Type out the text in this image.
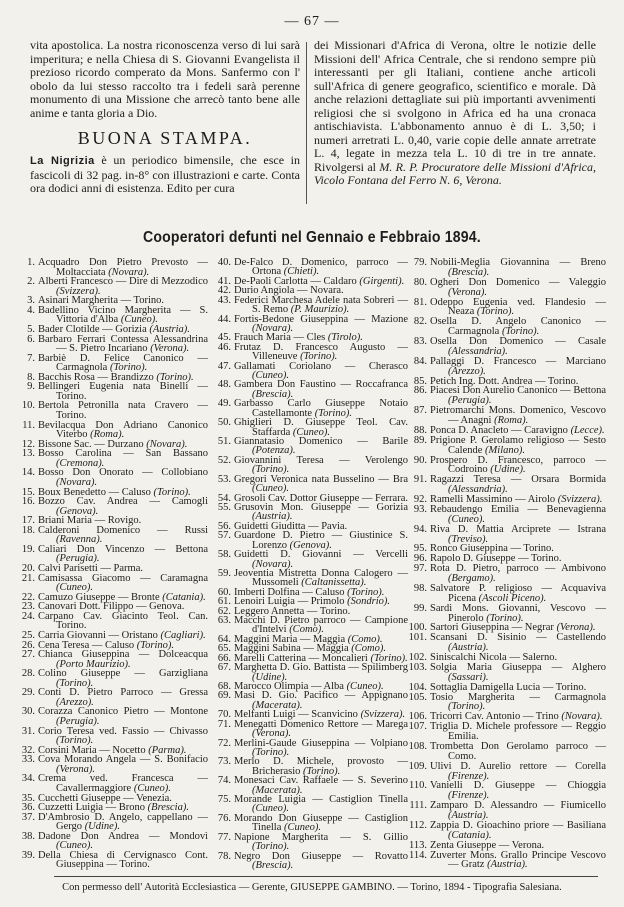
— 67 —

vita apostolica. La nostra riconoscenza verso di lui sarà imperitura; e nella Chiesa di S. Giovanni Evangelista il prezioso ricordo comperato da Mons. Sanfermo con l' obolo da lui stesso raccolto tra i fedeli sarà perenne monumento di una Missione che arrecò tanto bene alle anime e tanta gloria a Dio.

BUONA STAMPA.

La Nigrizia è un periodico bimensile, che esce in fascicoli di 32 pag. in-8° con illustrazioni e carte. Conta ora dodici anni di esistenza. Edito per cura

dei Missionari d'Africa di Verona, oltre le notizie delle Missioni dell' Africa Centrale, che si rendono sempre più interessanti per gli Italiani, contiene anche articoli sull'Africa di genere geografico, scientifico e morale. Dà anche relazioni dettagliate sui più importanti avvenimenti religiosi che si svolgono in Africa ed ha una cronaca antischiavista. L'abbonamento annuo è di L. 3,50; i numeri arretrati L. 0,40, varie copie delle annate arretrate L. 4, legate in mezza tela L. 10 di tre in tre annate. Rivolgersi al M. R. P. Procuratore delle Missioni d'Africa, Vicolo Fontana del Ferro N. 6, Verona.

Cooperatori defunti nel Gennaio e Febbraio 1894.
1. Acquadro Don Pietro Prevosto — Moltacciata (Novara).
2. Alberti Francesco — Dire di Mezzodico (Svizzera).
3. Asinari Margherita — Torino.
4. Badellino Vicino Margherita — S. Vittoria d'Alba (Cuneo).
5. Bader Clotilde — Gorizia (Austria).
6. Barbaro Ferrari Contessa Alessandrina — S. Pietro Incariano (Verona).
7. Barbiè D. Felice Canonico — Carmagnola (Torino).
8. Bacchis Rosa — Brandizzo (Torino).
9. Bellingeri Eugenia nata Binelli — Torino.
10. Bertola Petronilla nata Cravero — Torino.
11. Bevilacqua Don Adriano Canonico Viterbo (Roma).
12. Bissone Sac. — Durzano (Novara).
13. Bosso Carolina — San Bassano (Cremona).
14. Bosso Don Onorato — Collobiano (Novara).
15. Boux Benedetto — Caluso (Torino).
16. Bozzo Cav. Andrea — Camogli (Genova).
17. Briani Maria — Rovigo.
18. Calderoni Domenico — Russi (Ravenna).
19. Caliari Don Vincenzo — Bettona (Perugia).
20. Calvi Parisetti — Parma.
21. Camisassa Giacomo — Caramagna (Cuneo).
22. Camuzo Giuseppe — Bronte (Catania).
23. Canovari Dott. Filippo — Genova.
24. Carpano Cav. Giacinto Teol. Can. Torino.
25. Carria Giovanni — Oristano (Cagliari).
26. Cena Teresa — Caluso (Torino).
27. Chianca Giuseppina — Dolceacqua (Porto Maurizio).
28. Colino Giuseppe — Garzigliana (Torino).
29. Conti D. Pietro Parroco — Gressa (Arezzo).
30. Corazza Canonico Pietro — Montone (Perugia).
31. Corio Teresa ved. Fassio — Chivasso (Torino).
32. Corsini Maria — Nocetto (Parma).
33. Cova Morando Angela — S. Bonifacio (Verona).
34. Crema ved. Francesca — Cavallermaggiore (Cuneo).
35. Cucchetti Giuseppe — Venezia.
36. Cuzzetti Luigia — Brono (Brescia).
37. D'Ambrosio D. Angelo, cappellano — Gergo (Udine).
38. Dadone Don Andrea — Mondovì (Cuneo).
39. Della Chiesa di Cervignasco Cont. Giuseppina — Torino.
40. De-Falco D. Domenico, parroco — Ortona (Chieti).
41. De-Paoli Carlotta — Caldaro (Girgenti).
42. Durio Angiola — Novara.
43. Federici Marchesa Adele nata Sobreri — S. Remo (P. Maurizio).
44. Fortis-Bedone Giuseppina — Mazione (Novara).
45. Frauch Maria — Cles (Tirolo).
46. Frutaz D. Francesco Augusto — Villeneuve (Torino).
47. Gallamati Coriolano — Cherasco (Cuneo).
48. Gambera Don Faustino — Roccafranca (Brescia).
49. Garbasso Carlo Giuseppe Notaio Castellamonte (Torino).
50. Ghiglieri D. Giuseppe Teol. Cav. Staffarda (Cuneo).
51. Giannatasio Domenico — Barile (Potenza).
52. Giovannini Teresa — Verolengo (Torino).
53. Gregori Veronica nata Busselino — Bra (Cuneo).
54. Grosoli Cav. Dottor Giuseppe — Ferrara.
55. Grusovin Mon. Giuseppe — Gorizia (Austria).
56. Guidetti Giuditta — Pavia.
57. Guardone D. Pietro — Giustinice S. Lorenzo (Genova).
58. Guidetti D. Giovanni — Vercelli (Novara).
59. Jeoventia Mistretta Donna Calogero — Mussomeli (Caltanissetta).
60. Imberti Dolfina — Caluso (Torino).
61. Lenoiri Luigia — Primolo (Sondrio).
62. Leggero Annetta — Torino.
63. Macchi D. Pietro parroco — Campione d'Intelvi (Como).
64. Maggini Maria — Maggia (Como).
65. Maggini Sabina — Maggia (Como).
66. Marelli Catterina — Moncalieri (Torino).
67. Marghetta D. Gio. Battista — Spilimberg (Udine).
68. Marocco Olimpia — Alba (Cuneo).
69. Masi D. Gio. Pacifico — Appignano (Macerata).
70. Melfanti Luigi — Scanvicino (Svizzera).
71. Menegatti Domenico Rettore — Marega (Verona).
72. Merlini-Gaude Giuseppina — Volpiano (Torino).
73. Merlo D. Michele, provosto — Bricherasio (Torino).
74. Monesaci Cav. Raffaele — S. Severino (Macerata).
75. Morande Luigia — Castiglion Tinella (Cuneo).
76. Morando Don Giuseppe — Castiglion Tinella (Cuneo).
77. Napione Margherita — S. Gillio (Torino).
78. Negro Don Giuseppe — Rovatto (Brescia).
79. Nobili-Meglia Giovannina — Breno (Brescia).
80. Ogheri Don Domenico — Valeggio (Verona).
81. Odeppo Eugenia ved. Flandesio — Neaza (Torino).
82. Osella D. Angelo Canonico — Carmagnola (Torino).
83. Osella Don Domenico — Casale (Alessandria).
84. Pallaggi D. Francesco — Marciano (Arezzo).
85. Petich Ing. Dott. Andrea — Torino.
86. Piacesi Don Aurelio Canonico — Bettona (Perugia).
87. Pietromarchi Mons. Domenico, Vescovo — Anagni (Roma).
88. Ponca D. Anacleto — Caravigno (Lecce).
89. Prigione P. Gerolamo religioso — Sesto Calende (Milano).
90. Prospero D. Francesco, parroco — Codroino (Udine).
91. Ragazzi Teresa — Orsara Bormida (Alessandria).
92. Ramelli Massimino — Airolo (Svizzera).
93. Rebaudengo Emilia — Benevagienna (Cuneo).
94. Riva D. Mattia Arciprete — Istrana (Treviso).
95. Ronco Giuseppina — Torino.
96. Rapolo D. Giuseppe — Torino.
97. Rota D. Pietro, parroco — Ambivono (Bergamo).
98. Salvatore P. religioso — Acquaviva Picena (Ascoli Piceno).
99. Sardi Mons. Giovanni, Vescovo — Pinerolo (Torino).
100. Sartori Giuseppina — Negrar (Verona).
101. Scansani D. Sisinio — Castellendo (Austria).
102. Siniscalchi Nicola — Salerno.
103. Solgia Maria Giuseppa — Alghero (Sassari).
104. Sottaglia Damigella Lucia — Torino.
105. Tosio Margherita — Carmagnola (Torino).
106. Tricorri Cav. Antonio — Trino (Novara).
107. Triglia D. Michele professore — Reggio Emilia.
108. Trombetta Don Gerolamo parroco — Como.
109. Ulivi D. Aurelio rettore — Corella (Firenze).
110. Vanielli D. Giuseppe — Chioggia (Firenze).
111. Zamparo D. Alessandro — Fiumicello (Austria).
112. Zappia D. Gioachino priore — Basiliana (Catania).
113. Zenta Giuseppe — Verona.
114. Zuverter Mons. Grallo Principe Vescovo — Gratz (Austria).
Con permesso dell' Autorità Ecclesiastica — Gerente, GIUSEPPE GAMBINO. — Torino, 1894 - Tipografia Salesiana.
